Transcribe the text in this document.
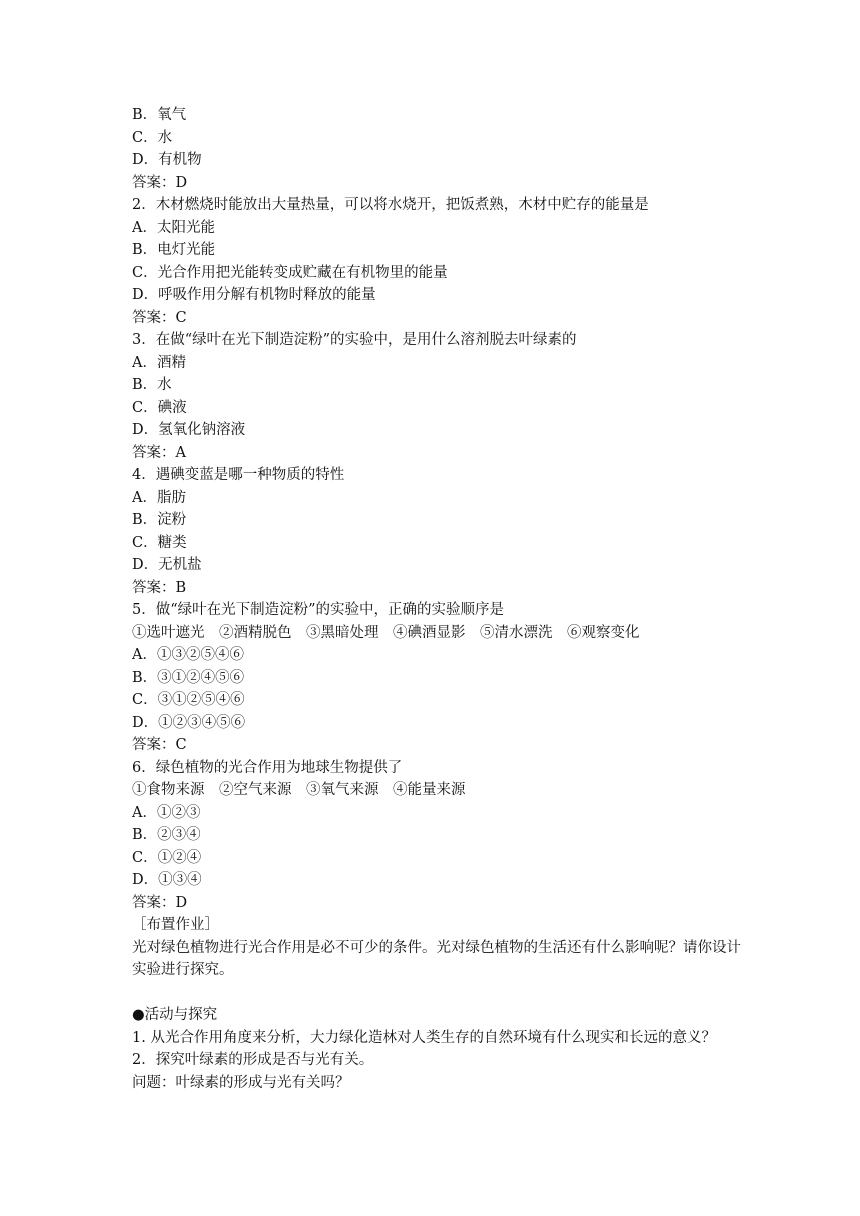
B．氧气
C．水
D．有机物
答案：D
2．木材燃烧时能放出大量热量，可以将水烧开，把饭煮熟，木材中贮存的能量是
A．太阳光能
B．电灯光能
C．光合作用把光能转变成贮藏在有机物里的能量
D．呼吸作用分解有机物时释放的能量
答案：C
3．在做“绿叶在光下制造淀粉”的实验中，是用什么溶剂脱去叶绿素的
A．酒精
B．水
C．碘液
D．氢氧化钠溶液
答案：A
4．遇碘变蓝是哪一种物质的特性
A．脂肪
B．淀粉
C．糖类
D．无机盐
答案：B
5．做“绿叶在光下制造淀粉”的实验中，正确的实验顺序是
①选叶遮光　②酒精脱色　③黑暗处理　④碘酒显影　⑤清水漂洗　⑥观察变化
A．①③②⑤④⑥
B．③①②④⑤⑥
C．③①②⑤④⑥
D．①②③④⑤⑥
答案：C
6．绿色植物的光合作用为地球生物提供了
①食物来源　②空气来源　③氧气来源　④能量来源
A．①②③
B．②③④
C．①②④
D．①③④
答案：D
［布置作业］
光对绿色植物进行光合作用是必不可少的条件。光对绿色植物的生活还有什么影响呢？请你设计实验进行探究。
●活动与探究
1. 从光合作用角度来分析，大力绿化造林对人类生存的自然环境有什么现实和长远的意义？
2．探究叶绿素的形成是否与光有关。
问题：叶绿素的形成与光有关吗？
